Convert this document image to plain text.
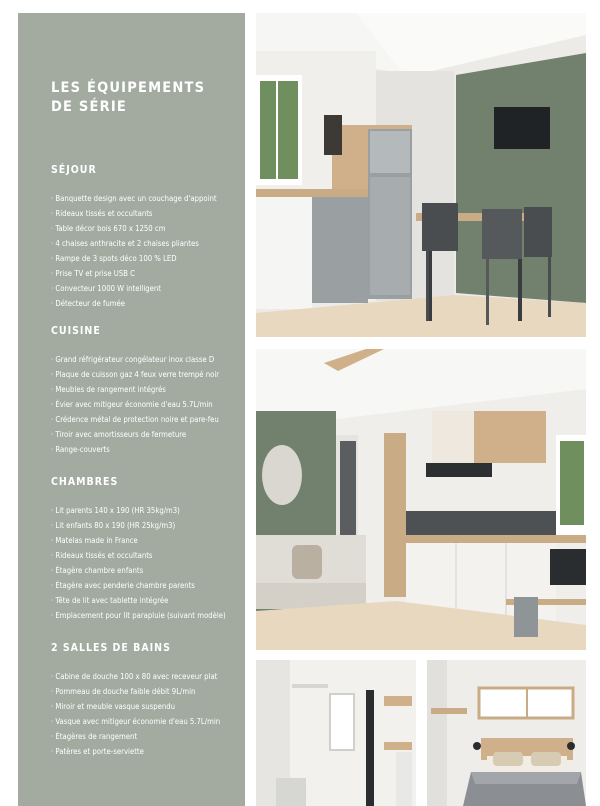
LES ÉQUIPEMENTS
DE SÉRIE
SÉJOUR
· Banquette design avec un couchage d'appoint
· Rideaux tissés et occultants
· Table décor bois 670 x 1250 cm
· 4 chaises anthracite et 2 chaises pliantes
· Rampe de 3 spots déco 100 % LED
· Prise TV et prise USB C
· Convecteur 1000 W intelligent
· Détecteur de fumée
CUISINE
· Grand réfrigérateur congélateur inox classe D
· Plaque de cuisson gaz 4 feux verre trempé noir
· Meubles de rangement intégrés
· Évier avec mitigeur économie d'eau 5.7L/min
· Crédence métal de protection noire et pare-feu
· Tiroir avec amortisseurs de fermeture
· Range-couverts
CHAMBRES
· Lit parents 140 x 190 (HR 35kg/m3)
· Lit enfants 80 x 190 (HR 25kg/m3)
· Matelas made in France
· Rideaux tissés et occultants
· Étagère chambre enfants
· Étagère avec penderie chambre parents
· Tête de lit avec tablette intégrée
· Emplacement pour lit parapluie (suivant modèle)
2 SALLES DE BAINS
· Cabine de douche 100 x 80 avec receveur plat
· Pommeau de douche faible débit 9L/min
· Miroir et meuble vasque suspendu
· Vasque avec mitigeur économie d'eau 5.7L/min
· Étagères de rangement
· Patères et porte-serviette
